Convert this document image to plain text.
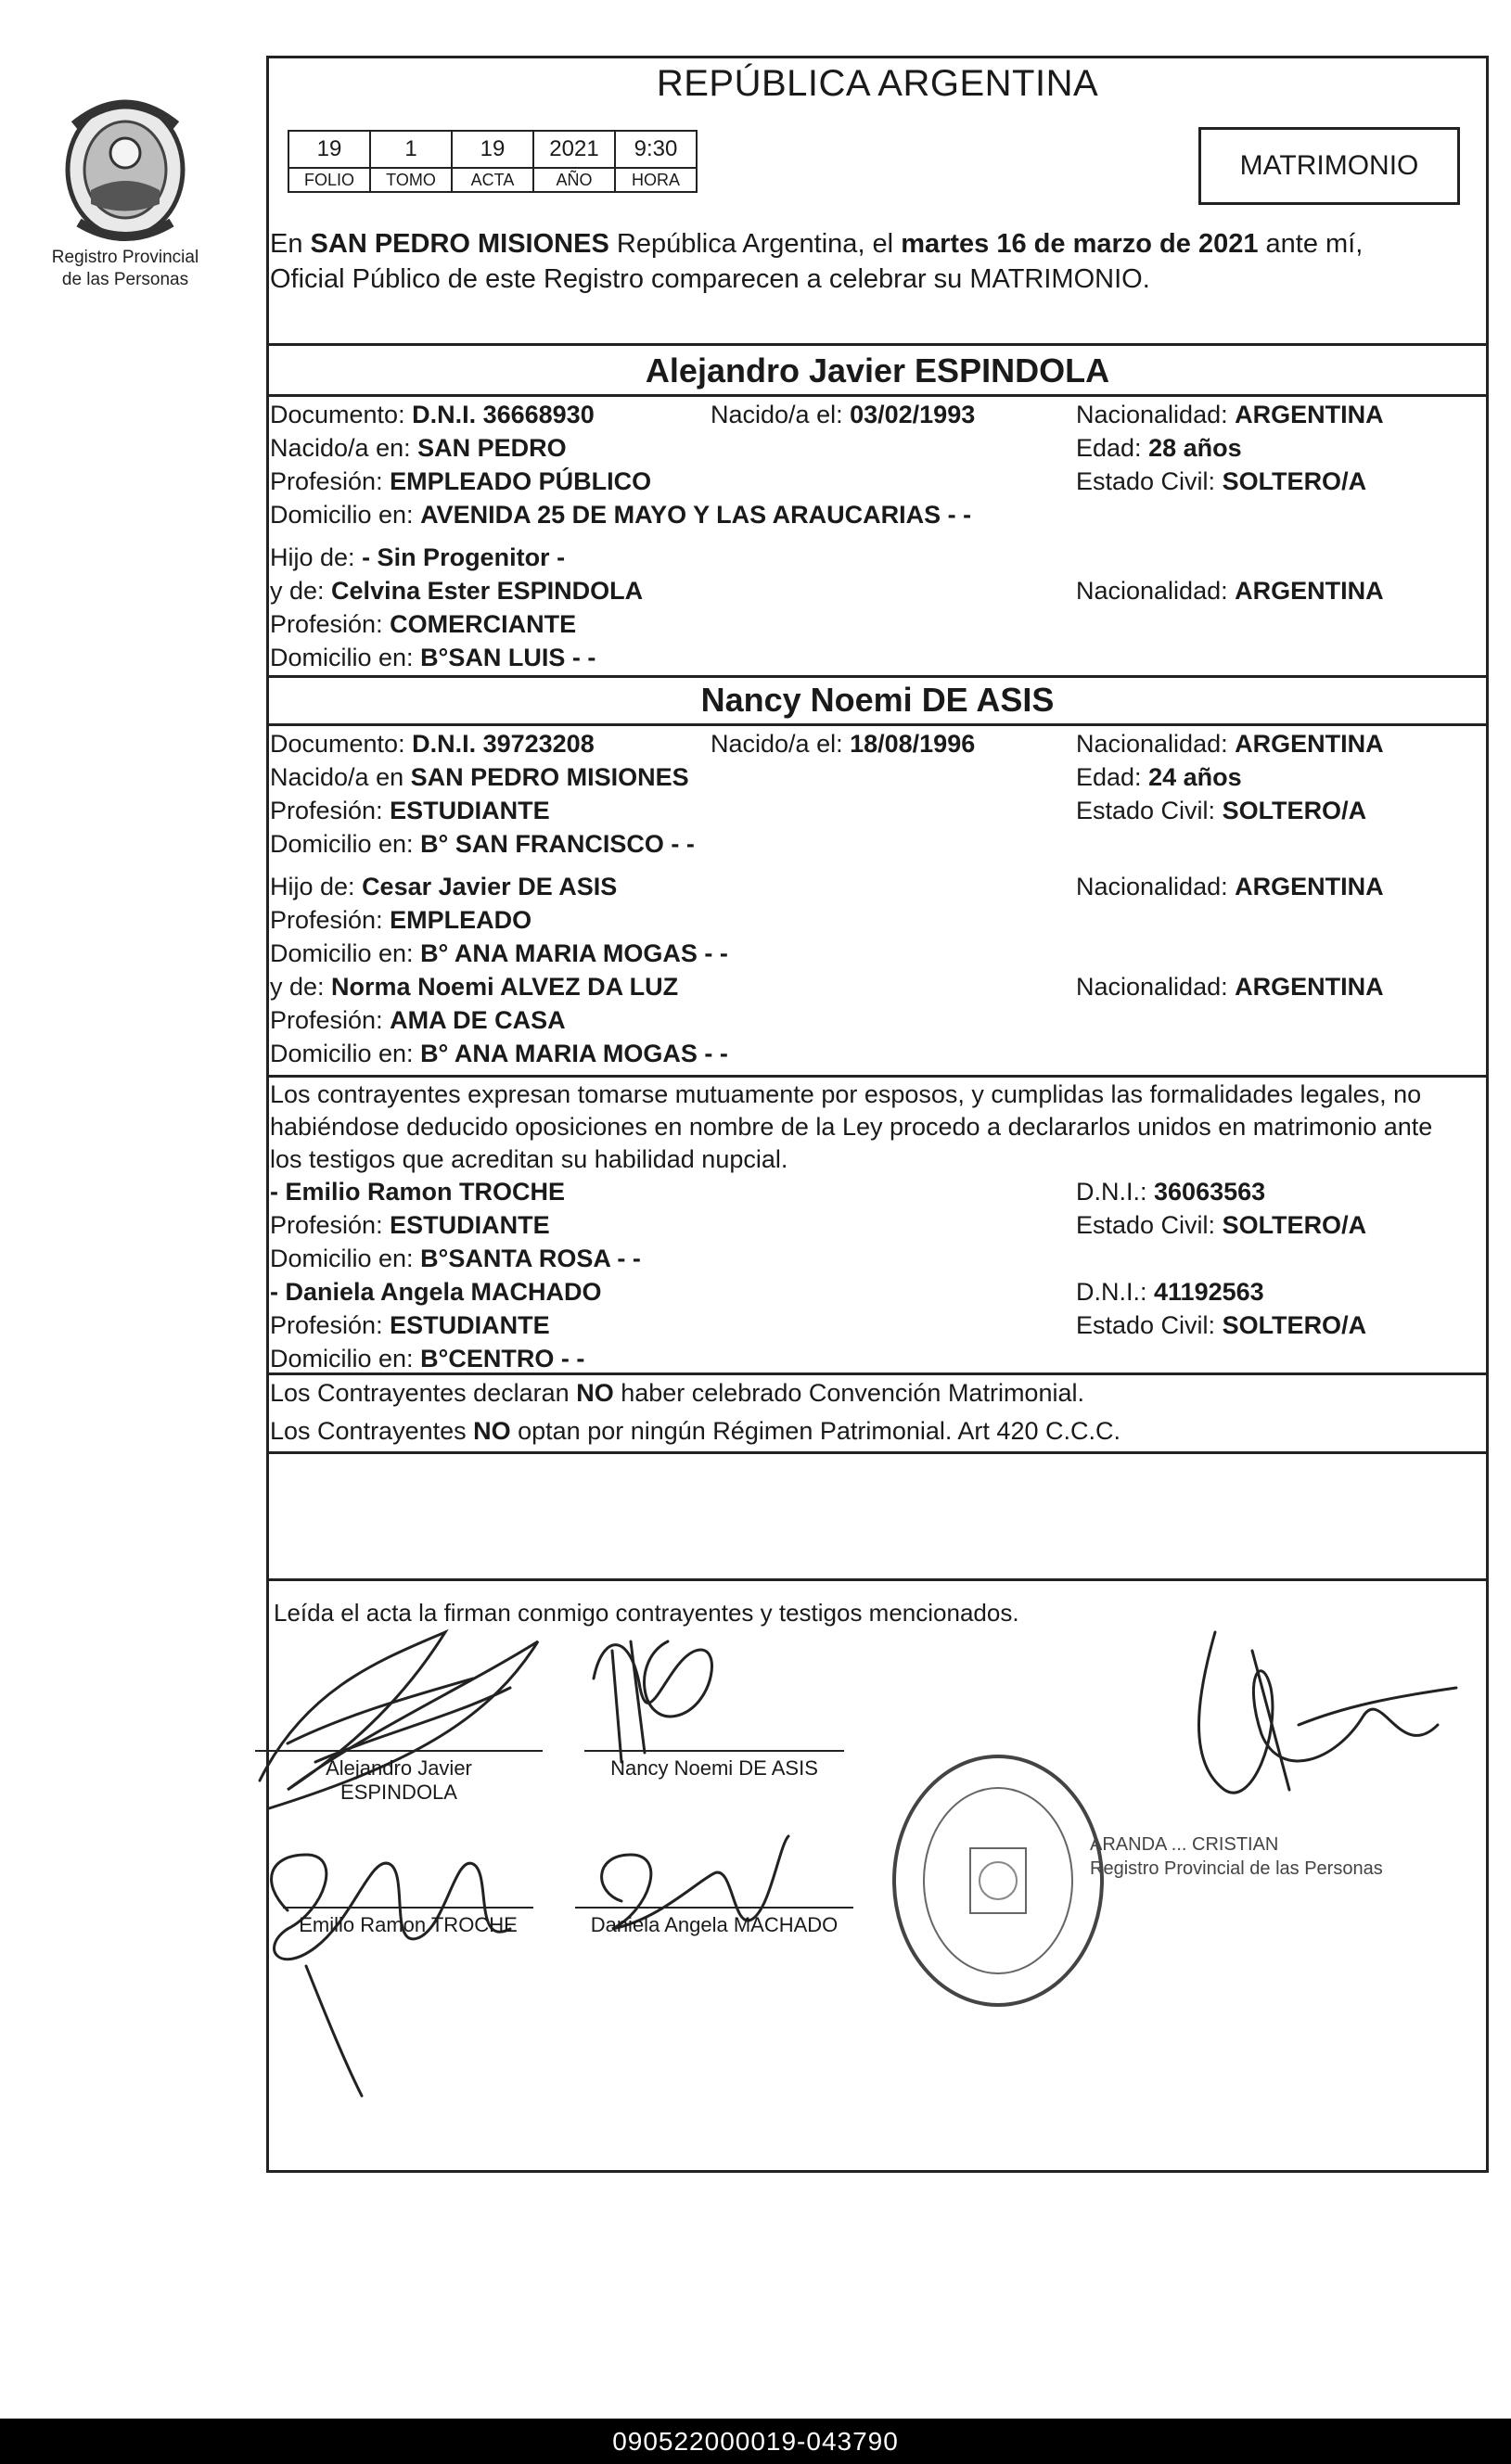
Registro Provincial
de las Personas
REPÚBLICA ARGENTINA
19	1	19	2021	9:30
FOLIO	TOMO	ACTA	AÑO	HORA	MATRIMONIO
En SAN PEDRO MISIONES República Argentina, el martes 16 de marzo de 2021 ante mí,
Oficial Público de este Registro comparecen a celebrar su MATRIMONIO.
Alejandro Javier ESPINDOLA
Documento: D.N.I. 36668930	Nacido/a el: 03/02/1993	Nacionalidad: ARGENTINA
Nacido/a en: SAN PEDRO	Edad: 28 años
Profesión: EMPLEADO PÚBLICO	Estado Civil: SOLTERO/A
Domicilio en: AVENIDA 25 DE MAYO Y LAS ARAUCARIAS - -
Hijo de: - Sin Progenitor -
y de: Celvina Ester ESPINDOLA	Nacionalidad: ARGENTINA
Profesión: COMERCIANTE
Domicilio en: B°SAN LUIS - -
Nancy Noemi DE ASIS
Documento: D.N.I. 39723208	Nacido/a el: 18/08/1996	Nacionalidad: ARGENTINA
Nacido/a en SAN PEDRO MISIONES	Edad: 24 años
Profesión: ESTUDIANTE	Estado Civil: SOLTERO/A
Domicilio en: B° SAN FRANCISCO - -
Hijo de: Cesar Javier DE ASIS	Nacionalidad: ARGENTINA
Profesión: EMPLEADO
Domicilio en: B° ANA MARIA MOGAS - -
y de: Norma Noemi ALVEZ DA LUZ	Nacionalidad: ARGENTINA
Profesión: AMA DE CASA
Domicilio en: B° ANA MARIA MOGAS - -
Los contrayentes expresan tomarse mutuamente por esposos, y cumplidas las formalidades legales, no
habiéndose deducido oposiciones en nombre de la Ley procedo a declararlos unidos en matrimonio ante
los testigos que acreditan su habilidad nupcial.
- Emilio Ramon TROCHE	D.N.I.: 36063563
Profesión: ESTUDIANTE	Estado Civil: SOLTERO/A
Domicilio en: B°SANTA ROSA - -
- Daniela Angela MACHADO	D.N.I.: 41192563
Profesión: ESTUDIANTE	Estado Civil: SOLTERO/A
Domicilio en: B°CENTRO - -
Los Contrayentes declaran NO haber celebrado Convención Matrimonial.
Los Contrayentes NO optan por ningún Régimen Patrimonial. Art 420 C.C.C.
Leída el acta la firman conmigo contrayentes y testigos mencionados.
Alejandro Javier
ESPINDOLA
Nancy Noemi DE ASIS
Emilio Ramon TROCHE	Daniela Angela MACHADO
ARANDA ... CRISTIAN
Registro Provincial de las Personas
090522000019-043790
